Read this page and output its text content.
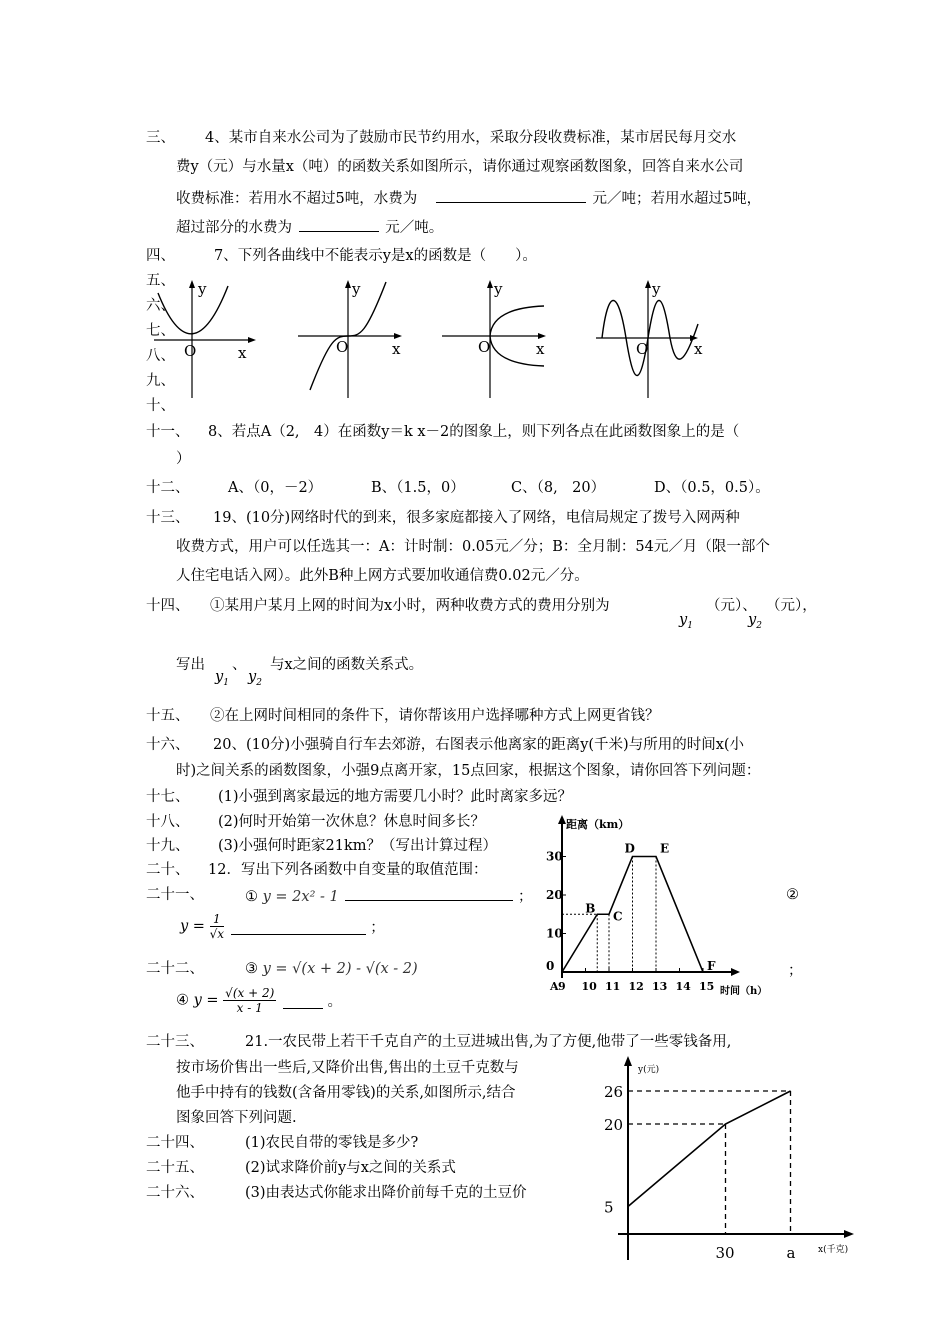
三、 4、某市自来水公司为了鼓励市民节约用水，采取分段收费标准，某市居民每月交水
费y（元）与水量x（吨）的函数关系如图所示，请你通过观察函数图象，回答自来水公司
收费标准：若用水不超过5吨，水费为	元／吨；若用水超过5吨，
超过部分的水费为	元／吨。
四、	7、下列各曲线中不能表示y是x的函数是（　　）。
五、
六、
七、
八、
九、
十、
y
O	x
y
O	x
y
O	x
y
O	x
十一、 8、若点A（2,　4）在函数y＝k x－2的图象上，则下列各点在此函数图象上的是（
）
十二、	A、（0，－2）	B、（1.5，0）	C、（8,　20）	D、（0.5，0.5）。
十三、 19、(10分)网络时代的到来，很多家庭都接入了网络，电信局规定了拨号入网两种
收费方式，用户可以任选其一：A：计时制：0.05元／分；B：全月制：54元／月（限一部个
人住宅电话入网）。此外B种上网方式要加收通信费0.02元／分。
十四、 ①某用户某月上网的时间为x小时，两种收费方式的费用分别为
$y_1$
（元）、
$y_2$
（元），
写出
$y_1$
、
$y_2$
与x之间的函数关系式。
十五、 ②在上网时间相同的条件下，请你帮该用户选择哪种方式上网更省钱？
十六、 20、(10分)小强骑自行车去郊游，右图表示他离家的距离y(千米)与所用的时间x(小
时)之间关系的函数图象，小强9点离开家，15点回家，根据这个图象，请你回答下列问题：
十七、 (1)小强到离家最远的地方需要几小时？此时离家多远？
十八、 (2)何时开始第一次休息？休息时间多长？
十九、 (3)小强何时距家21km？（写出计算过程）
二十、 12．写出下列各函数中自变量的取值范围：
二十一、	① y = 2x² - 1	；	②
$y = \frac{1}{√x}$	；
二十二、	③ y = √(x + 2) - √(x - 2)	；
④ $y = \frac{√(x + 2)}{x - 1}$	。
距离（km）
时间（h）
9 10 11 12 13 14 15
0
10
20
30
A
B
C
D E
F
二十三、	21.一农民带上若干千克自产的土豆进城出售,为了方便,他带了一些零钱备用,
按市场价售出一些后,又降价出售,售出的土豆千克数与
他手中持有的钱数(含备用零钱)的关系,如图所示,结合
图象回答下列问题.
二十四、	(1)农民自带的零钱是多少?
二十五、	(2)试求降价前y与x之间的关系式
二十六、	(3)由表达式你能求出降价前每千克的土豆价
y(元)
x(千克)
5
20
26
30	a
